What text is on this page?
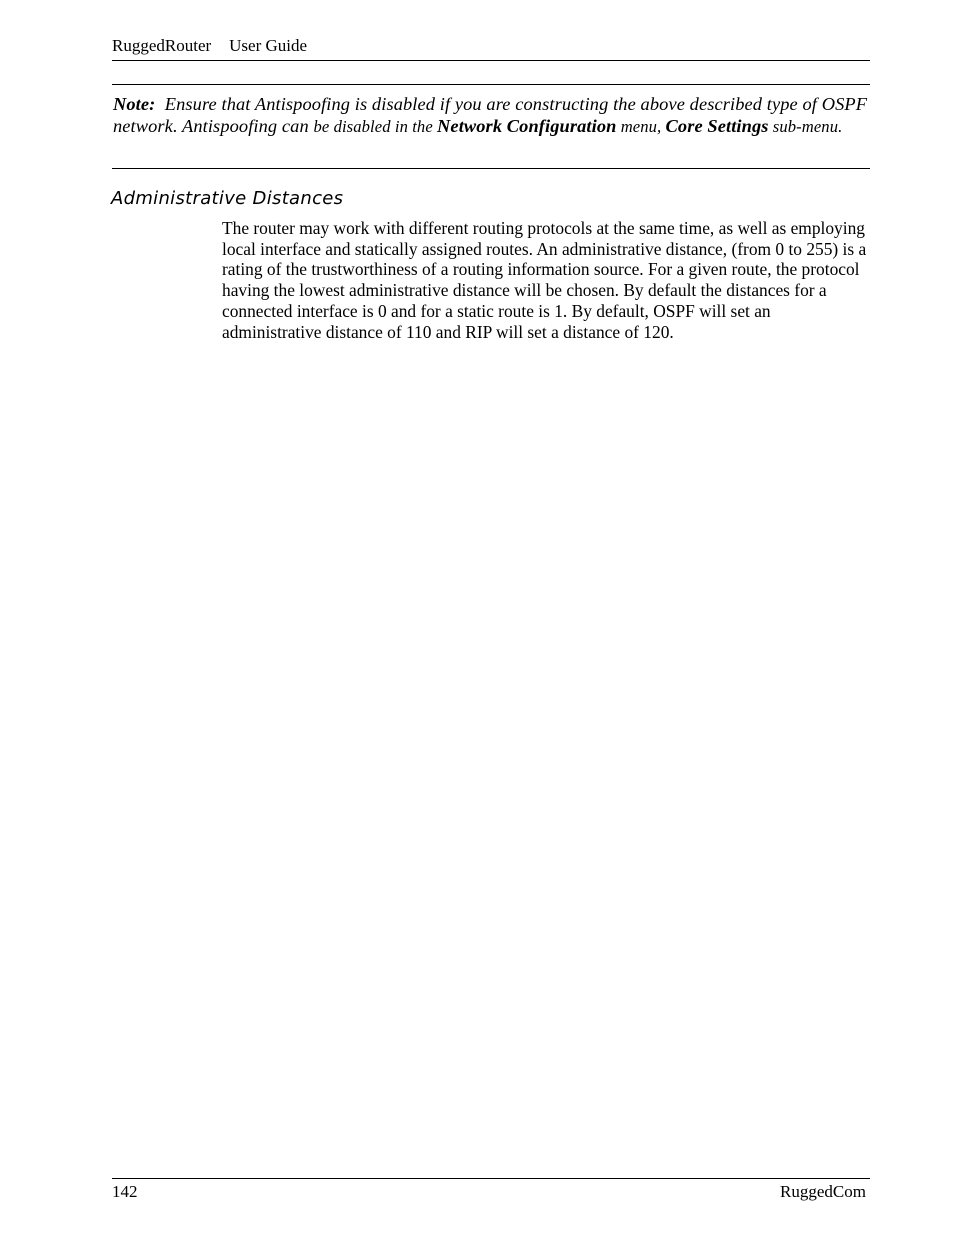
RuggedRouter User Guide
Note: Ensure that Antispoofing is disabled if you are constructing the above described type of OSPF network. Antispoofing can be disabled in the Network Configuration menu, Core Settings sub-menu.
Administrative Distances
The router may work with different routing protocols at the same time, as well as employing local interface and statically assigned routes. An administrative distance, (from 0 to 255) is a rating of the trustworthiness of a routing information source. For a given route, the protocol having the lowest administrative distance will be chosen. By default the distances for a connected interface is 0 and for a static route is 1. By default, OSPF will set an administrative distance of 110 and RIP will set a distance of 120.
142	RuggedCom
